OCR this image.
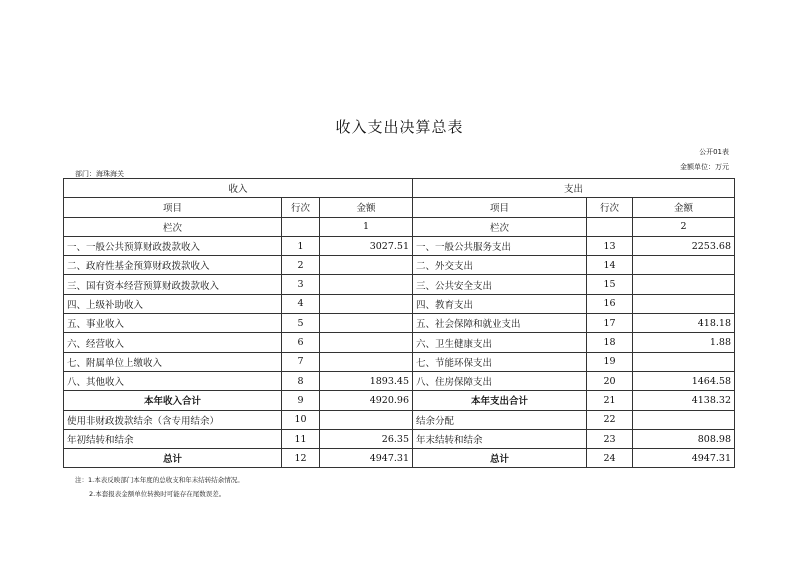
收入支出决算总表
公开01表
金额单位：万元
部门：海珠海关
收入			支出		
项目	行次	金额	项目	行次	金额
栏次		1	栏次		2
一、一般公共预算财政拨款收入	1	3027.51	一、一般公共服务支出	13	2253.68
二、政府性基金预算财政拨款收入	2		二、外交支出	14	
三、国有资本经营预算财政拨款收入	3		三、公共安全支出	15	
四、上级补助收入	4		四、教育支出	16	
五、事业收入	5		五、社会保障和就业支出	17	418.18
六、经营收入	6		六、卫生健康支出	18	1.88
七、附属单位上缴收入	7		七、节能环保支出	19	
八、其他收入	8	1893.45	八、住房保障支出	20	1464.58
本年收入合计	9	4920.96	本年支出合计	21	4138.32
使用非财政拨款结余（含专用结余）	10		结余分配	22	
年初结转和结余	11	26.35	年末结转和结余	23	808.98
总计	12	4947.31	总计	24	4947.31
注：1.本表反映部门本年度的总收支和年末结转结余情况。
2.本套报表金额单位转换时可能存在尾数误差。
